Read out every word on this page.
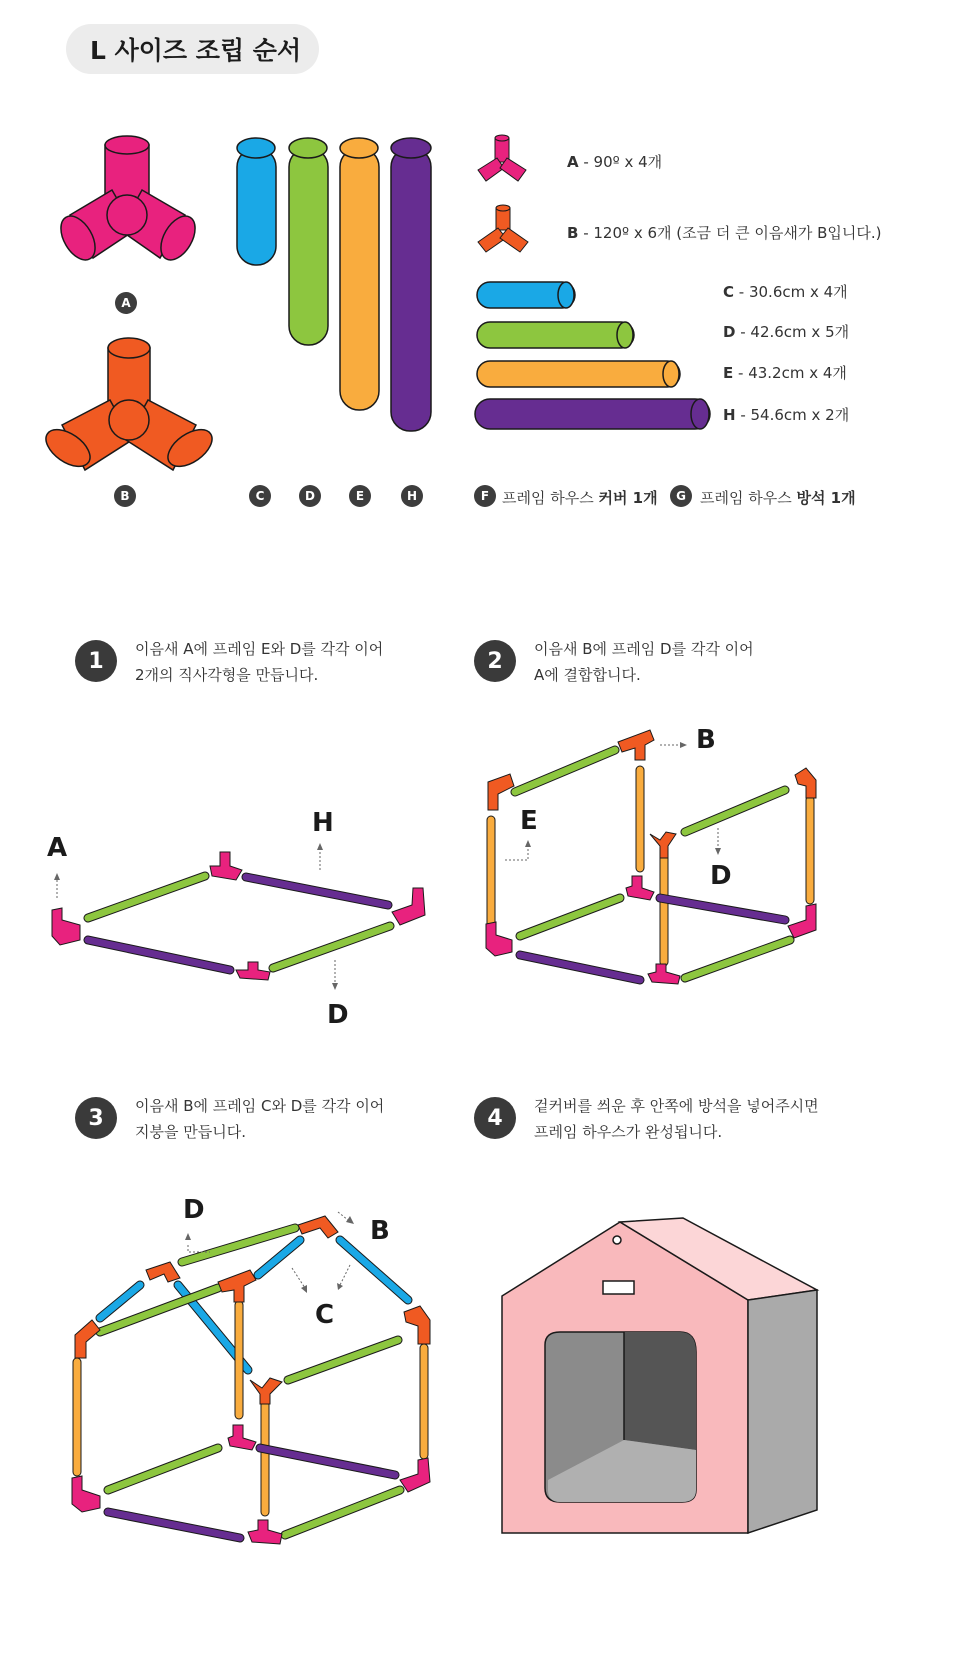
L 사이즈 조립 순서
A
B	C	D	E	H
A - 90º x 4개
B - 120º x 6개 (조금 더 큰 이음새가 B입니다.)
C - 30.6cm x 4개
D - 42.6cm x 5개
E - 43.2cm x 4개
H - 54.6cm x 2개
F 프레임 하우스 커버 1개	G 프레임 하우스 방석 1개
1	이음새 A에 프레임 E와 D를 각각 이어
2개의 직사각형을 만듭니다.
2	이음새 B에 프레임 D를 각각 이어
A에 결합합니다.
3	이음새 B에 프레임 C와 D를 각각 이어
지붕을 만듭니다.
4	겉커버를 씌운 후 안쪽에 방석을 넣어주시면
프레임 하우스가 완성됩니다.
A
H
D
B
E
D
D
B
C
